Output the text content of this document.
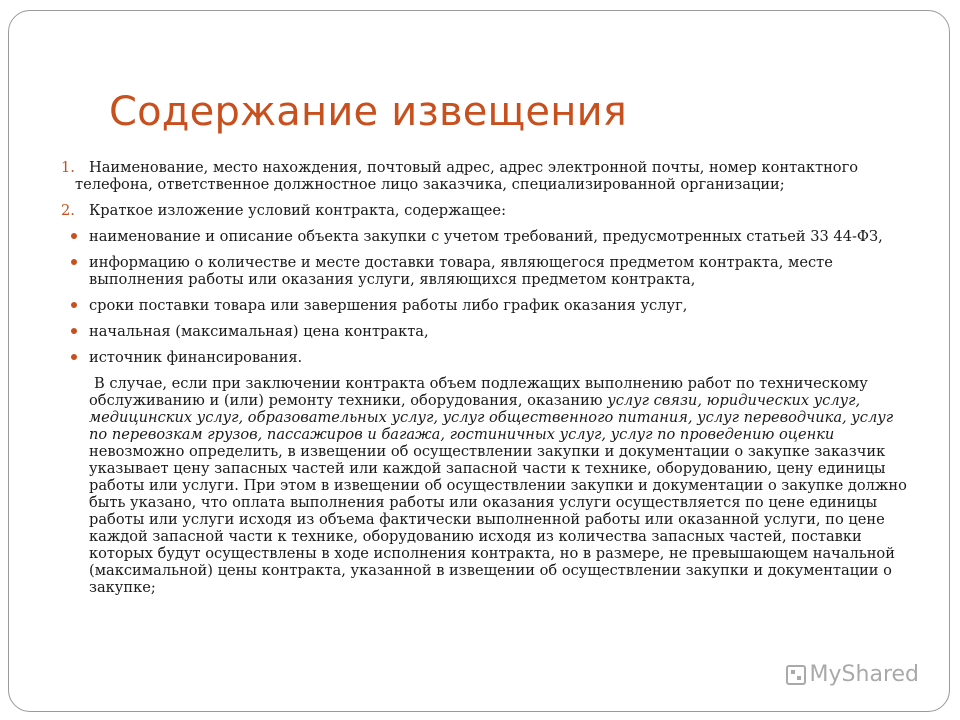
Содержание извещения
1. Наименование, место нахождения, почтовый адрес, адрес электронной почты, номер контактного телефона, ответственное должностное лицо заказчика, специализированной организации;
2. Краткое изложение условий контракта, содержащее:
наименование и описание объекта закупки с учетом требований, предусмотренных статьей 33 44-ФЗ,
информацию о количестве и месте доставки товара, являющегося предметом контракта, месте выполнения работы или оказания услуги, являющихся предметом контракта,
сроки поставки товара или завершения работы либо график оказания услуг,
начальная (максимальная) цена контракта,
источник финансирования.
В случае, если при заключении контракта объем подлежащих выполнению работ по техническому обслуживанию и (или) ремонту техники, оборудования, оказанию услуг связи, юридических услуг, медицинских услуг, образовательных услуг, услуг общественного питания, услуг переводчика, услуг по перевозкам грузов, пассажиров и багажа, гостиничных услуг, услуг по проведению оценки невозможно определить, в извещении об осуществлении закупки и документации о закупке заказчик указывает цену запасных частей или каждой запасной части к технике, оборудованию, цену единицы работы или услуги. При этом в извещении об осуществлении закупки и документации о закупке должно быть указано, что оплата выполнения работы или оказания услуги осуществляется по цене единицы работы или услуги исходя из объема фактически выполненной работы или оказанной услуги, по цене каждой запасной части к технике, оборудованию исходя из количества запасных частей, поставки которых будут осуществлены в ходе исполнения контракта, но в размере, не превышающем начальной (максимальной) цены контракта, указанной в извещении об осуществлении закупки и документации о закупке;
MyShared
